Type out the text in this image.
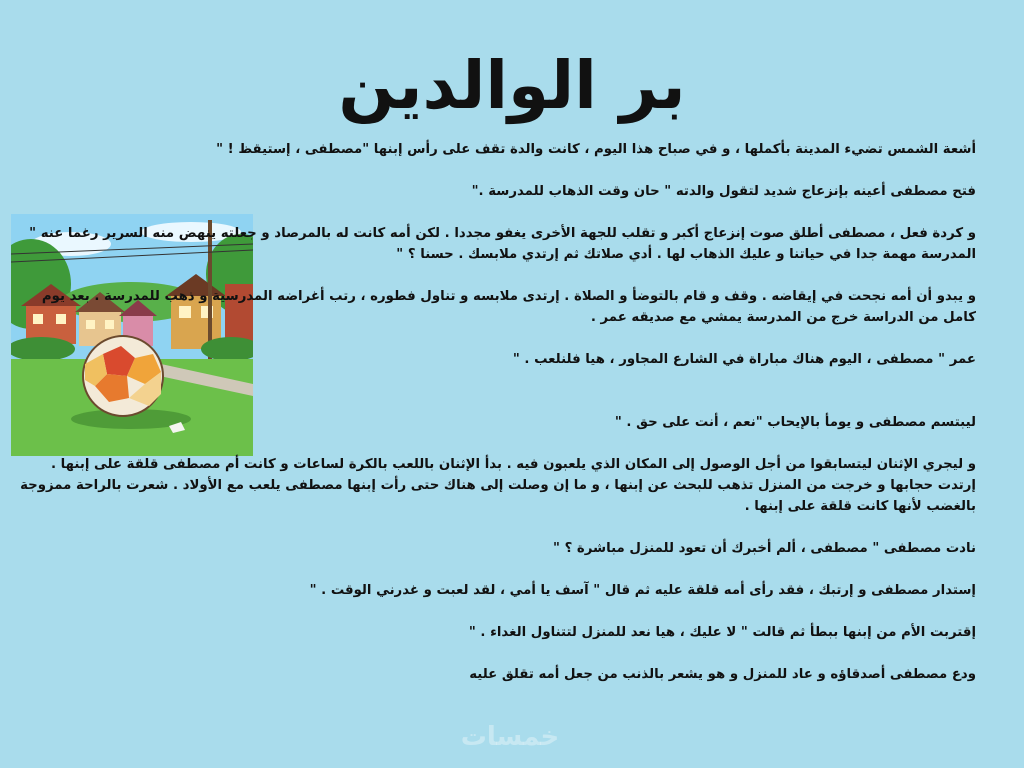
بر الوالدين

أشعة الشمس تضيء المدينة بأكملها ، و في صباح هذا اليوم ، كانت والدة تقف على رأس إبنها "مصطفى ، إستيقظ ! "

فتح مصطفى أعينه بإنزعاج شديد لتقول والدته " حان وقت الذهاب للمدرسة ."

و كردة فعل ، مصطفى أطلق صوت إنزعاج أكبر و تقلب للجهة الأخرى يغفو مجددا . لكن أمه كانت له بالمرصاد و جعلته ينهض منه السرير رغما عنه " المدرسة مهمة جدا في حياتنا و عليك الذهاب لها . أدي صلاتك ثم إرتدي ملابسك . حسنا ؟ "

و يبدو أن أمه نجحت في إيقاضه . وقف و قام بالتوضأ و الصلاة . إرتدى ملابسه و تناول فطوره ، رتب أغراضه المدرسية و ذهب للمدرسة . بعد يوم كامل من الدراسة خرج من المدرسة يمشي مع صديقه عمر .

عمر " مصطفى ، اليوم هناك مباراة في الشارع المجاور ، هيا فلنلعب . "

ليبتسم مصطفى و يومأ بالإيحاب "نعم ، أنت على حق . "

و ليجري الإثنان ليتسابقوا من أجل الوصول إلى المكان الذي يلعبون فيه . بدأ الإثنان باللعب بالكرة لساعات و كانت أم مصطفى قلقة على إبنها . إرتدت حجابها و خرجت من المنزل تذهب للبحث عن إبنها ، و ما إن وصلت إلى هناك حتى رأت إبنها مصطفى يلعب مع الأولاد . شعرت بالراحة ممزوجة بالغضب لأنها كانت قلقة على إبنها .

نادت مصطفى " مصطفى ، ألم أخبرك أن تعود للمنزل مباشرة ؟ "

إستدار مصطفى و إرتبك ، فقد رأى أمه قلقة عليه ثم قال " آسف يا أمي ، لقد لعبت و غدرني الوقت . "

إقتربت الأم من إبنها ببطأ ثم قالت " لا عليك ، هيا نعد للمنزل لتتناول الغداء . "

ودع مصطفى أصدقاؤه و عاد للمنزل و هو يشعر بالذنب من جعل أمه تقلق عليه

خمسات
